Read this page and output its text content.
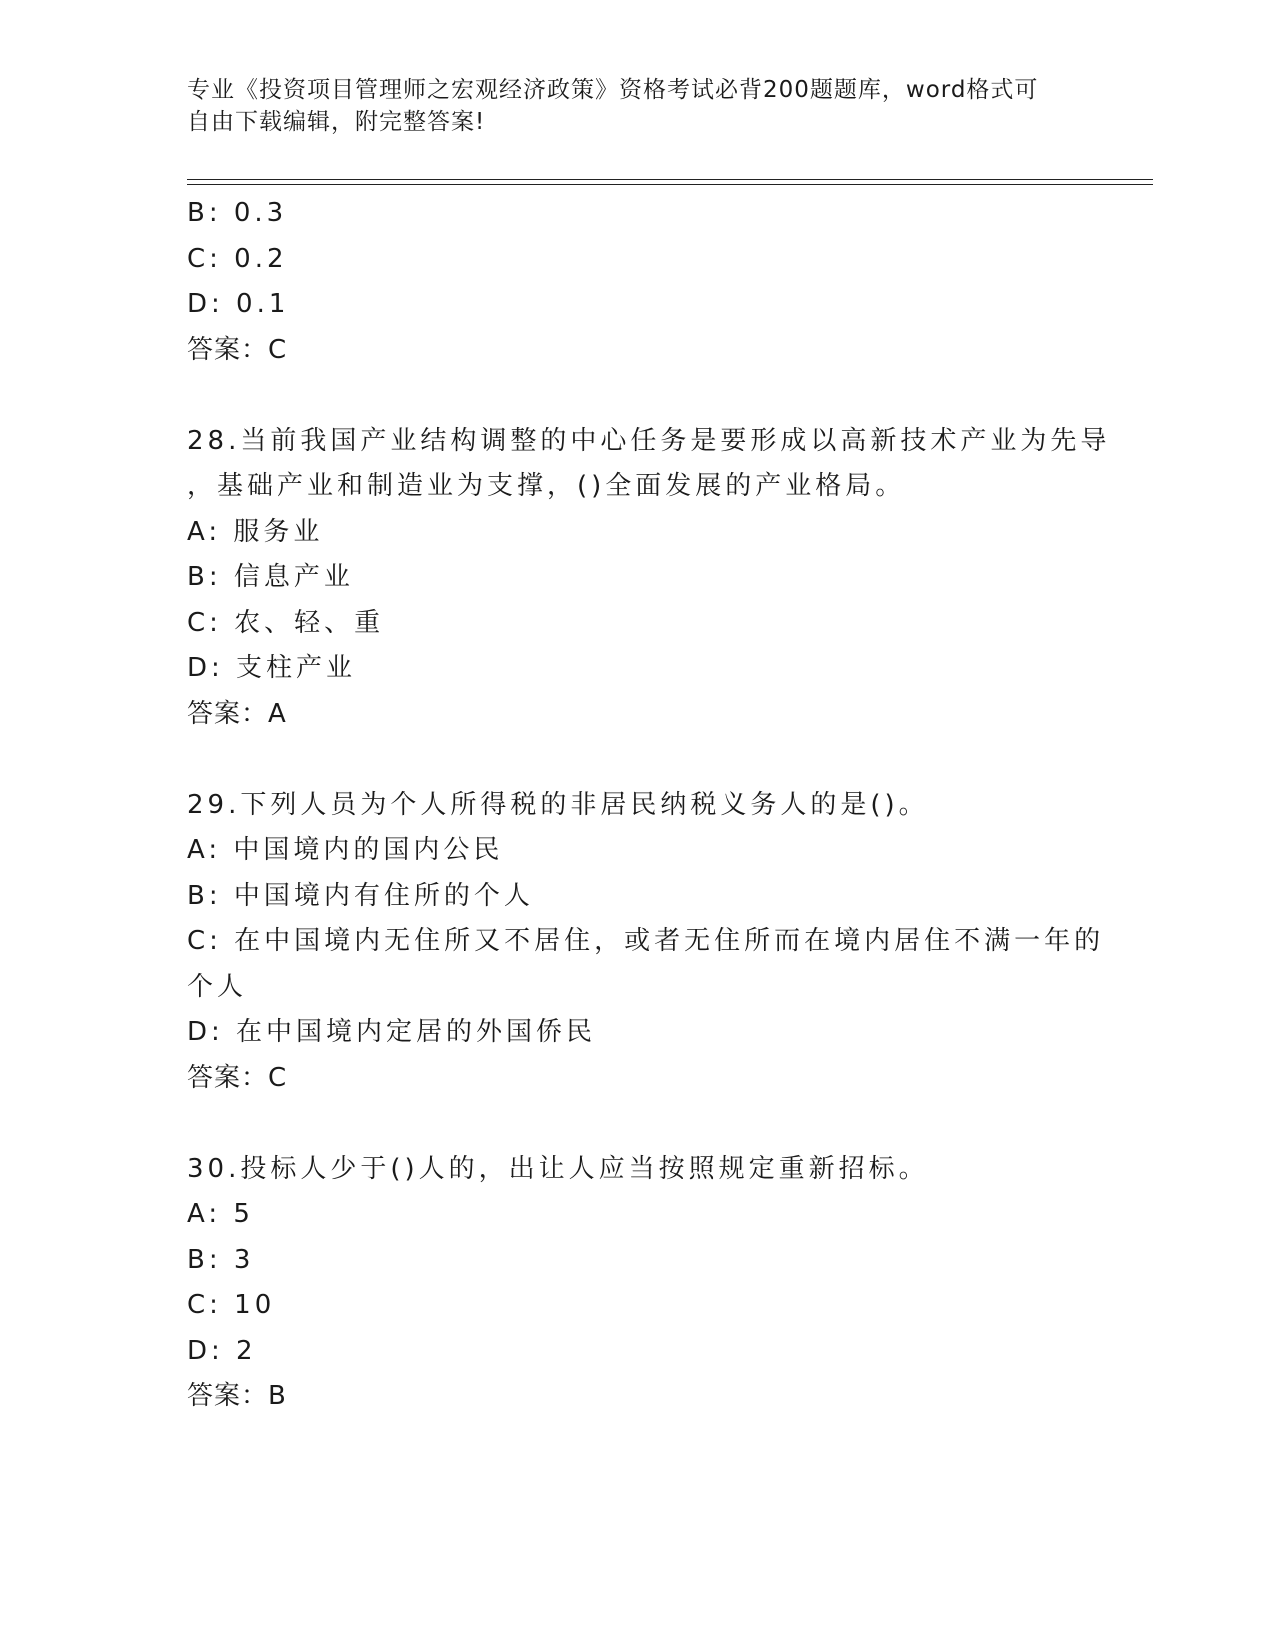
专业《投资项目管理师之宏观经济政策》资格考试必背200题题库，word格式可
自由下载编辑，附完整答案!
B: 0.3
C: 0.2
D: 0.1
答案：C
28.当前我国产业结构调整的中心任务是要形成以高新技术产业为先导
，基础产业和制造业为支撑，()全面发展的产业格局。
A: 服务业
B: 信息产业
C: 农、轻、重
D: 支柱产业
答案：A
29.下列人员为个人所得税的非居民纳税义务人的是()。
A: 中国境内的国内公民
B: 中国境内有住所的个人
C: 在中国境内无住所又不居住，或者无住所而在境内居住不满一年的
个人
D: 在中国境内定居的外国侨民
答案：C
30.投标人少于()人的，出让人应当按照规定重新招标。
A: 5
B: 3
C: 10
D: 2
答案：B
